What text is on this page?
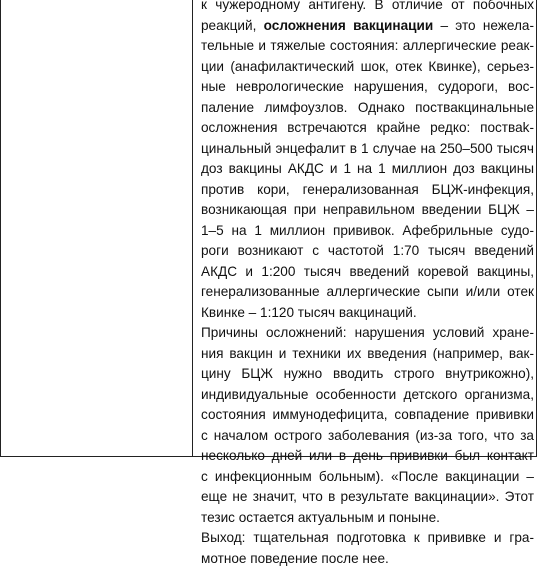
к чужеродному антигену. В отличие от побочных
реакций, осложнения вакцинации – это нежела-
тельные и тяжелые состояния: аллергические реак-
ции (анафилактический шок, отек Квинке), серьез-
ные неврологические нарушения, судороги, вос-
паление лимфоузлов. Однако поствакцинальные
осложнения встречаются крайне редко: постваk-
цинальный энцефалит в 1 случае на 250–500 тысяч
доз вакцины АКДС и 1 на 1 миллион доз вакцины
против кори, генерализованная БЦЖ-инфекция,
возникающая при неправильном введении БЦЖ –
1–5 на 1 миллион прививок. Афебрильные судо-
роги возникают с частотой 1:70 тысяч введений
АКДС и 1:200 тысяч введений коревой вакцины,
генерализованные аллергические сыпи и/или отек
Квинке – 1:120 тысяч вакцинаций.
Причины осложнений: нарушения условий хране-
ния вакцин и техники их введения (например, вак-
цину БЦЖ нужно вводить строго внутрикожно),
индивидуальные особенности детского организма,
состояния иммунодефицита, совпадение прививки
с началом острого заболевания (из-за того, что за
несколько дней или в день прививки был контакт
с инфекционным больным). «После вакцинации –
еще не значит, что в результате вакцинации». Этот
тезис остается актуальным и поныне.
Выход: тщательная подготовка к прививке и гра-
мотное поведение после нее.
